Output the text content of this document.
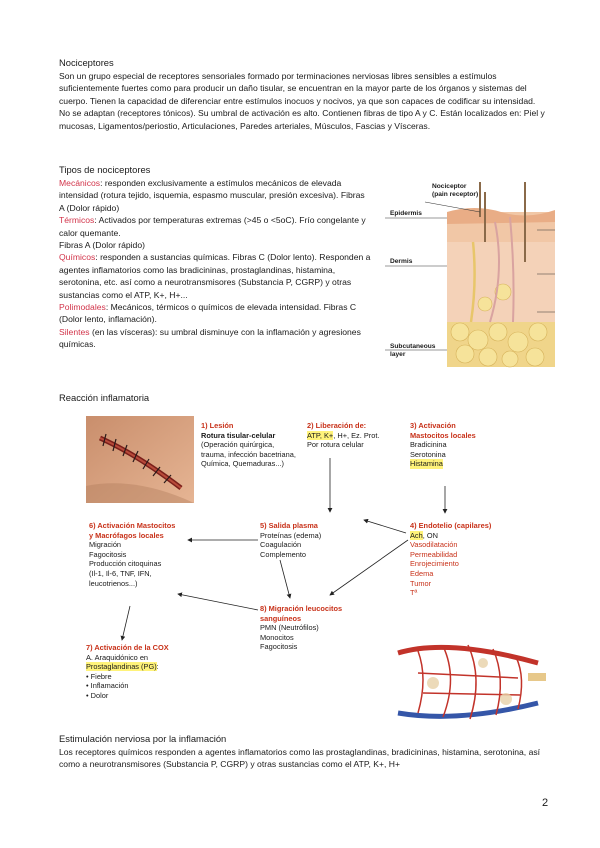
Nociceptores
Son un grupo especial de receptores sensoriales formado por terminaciones nerviosas libres sensibles a estímulos suficientemente fuertes como para producir un daño tisular, se encuentran en la mayor parte de los órganos y sistemas del cuerpo. Tienen la capacidad de diferenciar entre estímulos inocuos y nocivos, ya que son capaces de codificar su intensidad. No se adaptan (receptores tónicos). Su umbral de activación es alto. Contienen fibras de tipo A y C. Están localizados en: Piel y mucosas, Ligamentos/periostio, Articulaciones, Paredes arteriales, Músculos, Fascias y Vísceras.
Tipos de nociceptores
Mecánicos: responden exclusivamente a estímulos mecánicos de elevada intensidad (rotura tejido, isquemia, espasmo muscular, presión excesiva). Fibras A (Dolor rápido)
Térmicos: Activados por temperaturas extremas (>45 o <5oC). Frío congelante y calor quemante.
Fibras A (Dolor rápido)
Químicos: responden a sustancias químicas. Fibras C (Dolor lento). Responden a agentes inflamatorios como las bradicininas, prostaglandinas, histamina, serotonina, etc. así como a neurotransmisores (Substancia P, CGRP) y otras sustancias como el ATP, K+, H+...
Polimodales: Mecánicos, térmicos o químicos de elevada intensidad. Fibras C (Dolor lento, inflamación).
Silentes (en las vísceras): su umbral disminuye con la inflamación y agresiones químicas.
Nociceptor
(pain receptor)
Epidermis
Dermis
Subcutaneous
layer
Reacción inflamatoria
1) Lesión
Rotura tisular-celular
(Operación quirúrgica, trauma, infección bacetriana, Química, Quemaduras...)
2) Liberación de:
ATP, K+, H+, Ez. Prot.
Por rotura celular
3) Activación
Mastocitos locales
Bradicinina
Serotonina
Histamina
4) Endotelio (capilares)
Ach, ON
Vasodilatación
Permeabilidad
Enrojecimiento
Edema
Tumor
Tª
5) Salida plasma
Proteínas (edema)
Coagulación
Complemento
6) Activación Mastocitos
y Macrófagos locales
Migración
Fagocitosis
Producción citoquinas
(Il-1, Il-6, TNF, IFN,
leucotrienos...)
8) Migración leucocitos
sanguíneos
PMN (Neutrófilos)
Monocitos
Fagocitosis
7) Activación de la COX
A. Araquidónico en
Prostaglandinas (PG):
• Fiebre
• Inflamación
• Dolor
Estimulación nerviosa por la inflamación
Los receptores químicos responden a agentes inflamatorios como las prostaglandinas, bradicininas, histamina, serotonina, así como a neurotransmisores (Substancia P, CGRP) y otras sustancias como el ATP, K+, H+
2
